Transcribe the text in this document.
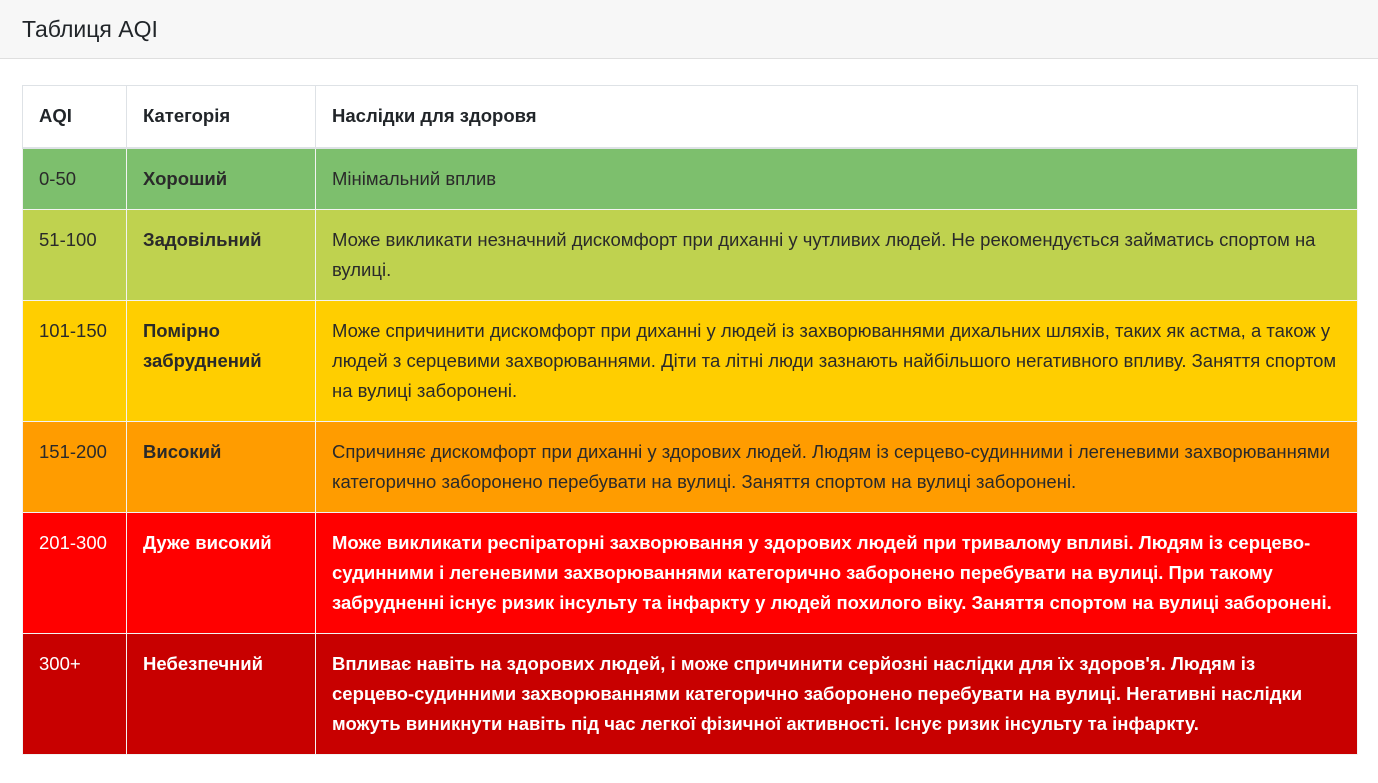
Таблиця AQI
AQI	Категорія	Наслідки для здоровя
0-50	Хороший	Мінімальний вплив
51-100	Задовільний	Може викликати незначний дискомфорт при диханні у чутливих людей. Не рекомендується займатись спортом на вулиці.
101-150	Помірно забруднений	Може спричинити дискомфорт при диханні у людей із захворюваннями дихальних шляхів, таких як астма, а також у людей з серцевими захворюваннями. Діти та літні люди зазнають найбільшого негативного впливу. Заняття спортом на вулиці заборонені.
151-200	Високий	Спричиняє дискомфорт при диханні у здорових людей. Людям із серцево-судинними і легеневими захворюваннями категорично заборонено перебувати на вулиці. Заняття спортом на вулиці заборонені.
201-300	Дуже високий	Може викликати респіраторні захворювання у здорових людей при тривалому впливі. Людям із серцево-судинними і легеневими захворюваннями категорично заборонено перебувати на вулиці. При такому забрудненні існує ризик інсульту та інфаркту у людей похилого віку. Заняття спортом на вулиці заборонені.
300+	Небезпечний	Впливає навіть на здорових людей, і може спричинити серйозні наслідки для їх здоров'я. Людям із серцево-судинними захворюваннями категорично заборонено перебувати на вулиці. Негативні наслідки можуть виникнути навіть під час легкої фізичної активності. Існує ризик інсульту та інфаркту.
